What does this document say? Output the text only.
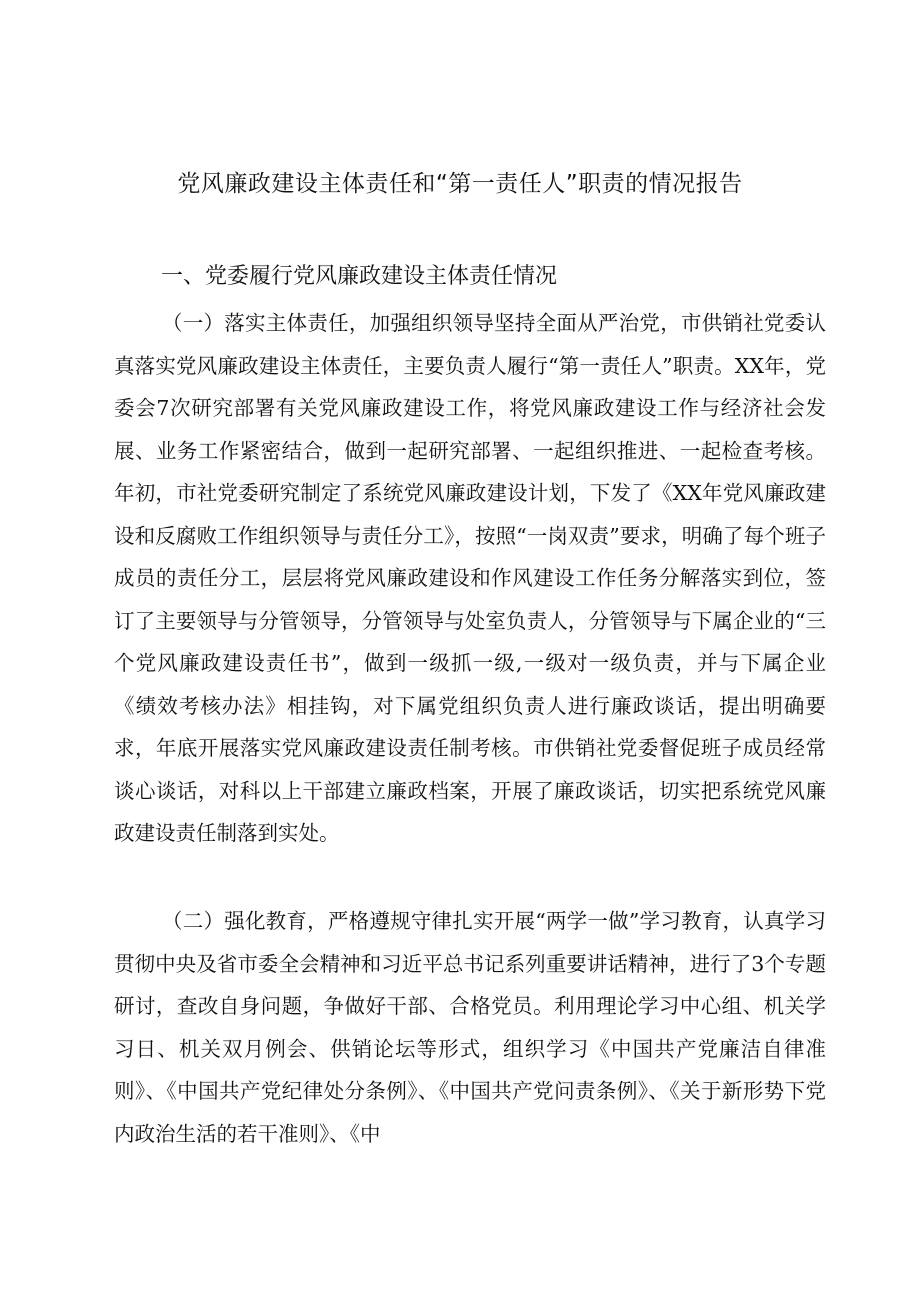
党风廉政建设主体责任和“第一责任人”职责的情况报告
一、党委履行党风廉政建设主体责任情况

（一）落实主体责任，加强组织领导坚持全面从严治党，市供销社党委认真落实党风廉政建设主体责任，主要负责人履行“第一责任人”职责。XX年，党委会7次研究部署有关党风廉政建设工作，将党风廉政建设工作与经济社会发展、业务工作紧密结合，做到一起研究部署、一起组织推进、一起检查考核。年初，市社党委研究制定了系统党风廉政建设计划，下发了《XX年党风廉政建设和反腐败工作组织领导与责任分工》，按照“一岗双责”要求，明确了每个班子成员的责任分工，层层将党风廉政建设和作风建设工作任务分解落实到位，签订了主要领导与分管领导，分管领导与处室负责人，分管领导与下属企业的“三个党风廉政建设责任书”，做到一级抓一级,一级对一级负责，并与下属企业《绩效考核办法》相挂钩，对下属党组织负责人进行廉政谈话，提出明确要求，年底开展落实党风廉政建设责任制考核。市供销社党委督促班子成员经常谈心谈话，对科以上干部建立廉政档案，开展了廉政谈话，切实把系统党风廉政建设责任制落到实处。

（二）强化教育，严格遵规守律扎实开展“两学一做”学习教育，认真学习贯彻中央及省市委全会精神和习近平总书记系列重要讲话精神，进行了3个专题研讨，查改自身问题，争做好干部、合格党员。利用理论学习中心组、机关学习日、机关双月例会、供销论坛等形式，组织学习《中国共产党廉洁自律准则》、《中国共产党纪律处分条例》、《中国共产党问责条例》、《关于新形势下党内政治生活的若干准则》、《中
